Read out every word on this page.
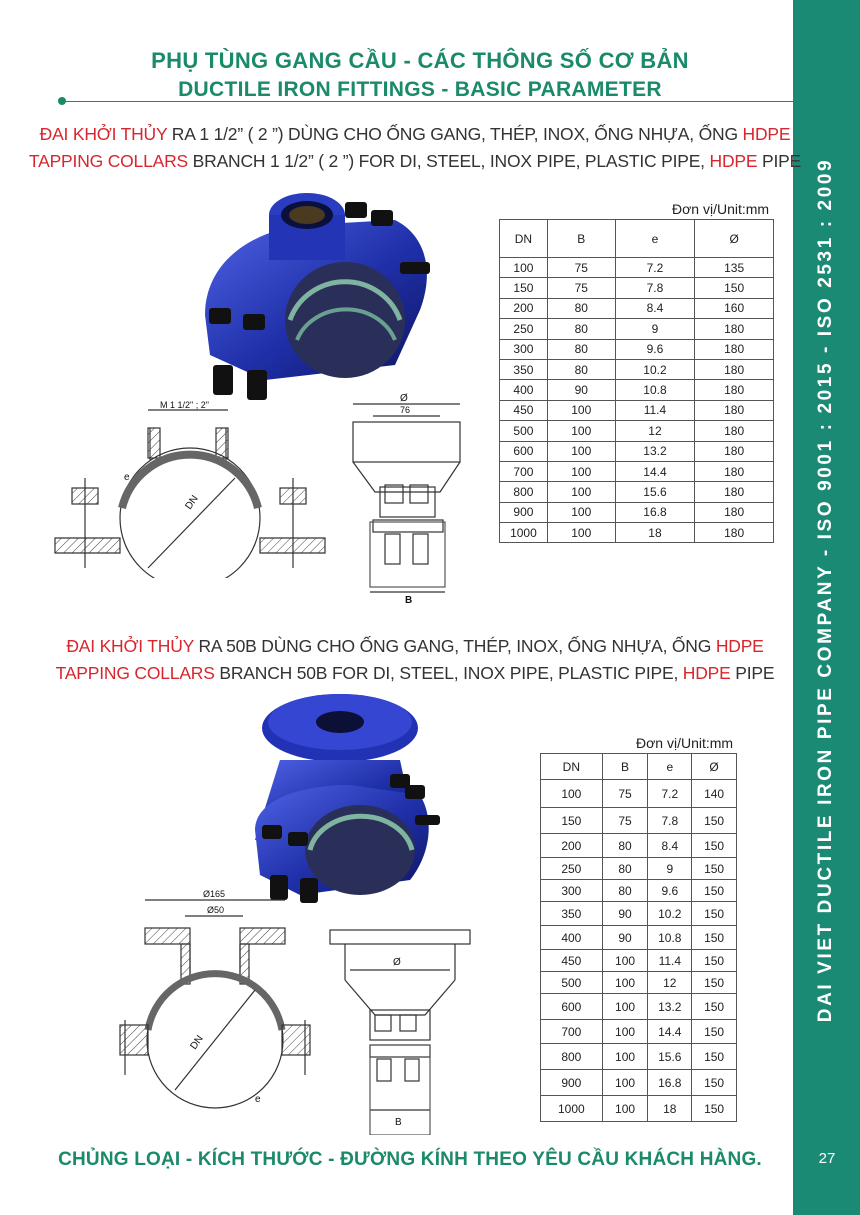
DAI VIET DUCTILE IRON PIPE COMPANY - ISO 9001 : 2015 - ISO 2531 : 2009
27
PHỤ TÙNG GANG CẦU - CÁC THÔNG SỐ CƠ BẢN
DUCTILE IRON FITTINGS - BASIC PARAMETER
ĐAI KHỞI THỦY RA 1 1/2” ( 2 ”) DÙNG CHO ỐNG GANG, THÉP, INOX, ỐNG NHỰA, ỐNG HDPE
TAPPING COLLARS BRANCH 1 1/2” ( 2 ”) FOR DI, STEEL, INOX PIPE, PLASTIC PIPE, HDPE PIPE
M 1 1/2" ; 2"
e
DN
Ø
76
B
Đơn vị/Unit:mm
DN	B	e	Ø
100	75	7.2	135
150	75	7.8	150
200	80	8.4	160
250	80	9	180
300	80	9.6	180
350	80	10.2	180
400	90	10.8	180
450	100	11.4	180
500	100	12	180
600	100	13.2	180
700	100	14.4	180
800	100	15.6	180
900	100	16.8	180
1000	100	18	180
ĐAI KHỞI THỦY RA 50B DÙNG CHO ỐNG GANG, THÉP, INOX, ỐNG NHỰA, ỐNG HDPE
TAPPING COLLARS BRANCH 50B FOR DI, STEEL, INOX PIPE, PLASTIC PIPE, HDPE PIPE
Ø165
Ø50
DN
e
Ø
B
Đơn vị/Unit:mm
DN	B	e	Ø
100	75	7.2	140
150	75	7.8	150
200	80	8.4	150
250	80	9	150
300	80	9.6	150
350	90	10.2	150
400	90	10.8	150
450	100	11.4	150
500	100	12	150
600	100	13.2	150
700	100	14.4	150
800	100	15.6	150
900	100	16.8	150
1000	100	18	150
CHỦNG LOẠI - KÍCH THƯỚC - ĐƯỜNG KÍNH THEO YÊU CẦU KHÁCH HÀNG.
